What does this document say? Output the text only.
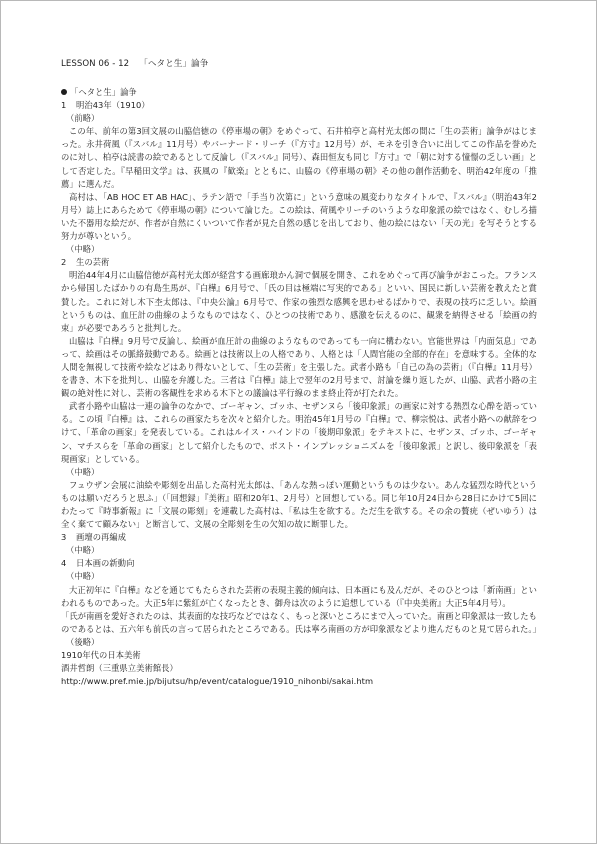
LESSON 06 - 12 「ヘタと生」論争

「ヘタと生」論争

1 明治43年（1910）

（前略）

この年、前年の第3回文展の山脇信徳の《停車場の朝》をめぐって、石井柏亭と高村光太郎の間に「生の芸術」論争がはじまった。永井荷風（『スバル』11月号）やバーナード・リーチ（『方寸』12月号）が、モネを引き合いに出してこの作品を誉めたのに対し、柏亭は読書の絵であるとして反論し（『スバル』同号）、森田恒友も同じ『方寸』で「朝に対する憧憬の乏しい画」として否定した。『早稲田文学』は、荻風の『歓楽』とともに、山脇の《停車場の朝》その他の創作活動を、明治42年度の「推薦」に選んだ。

高村は、「AB HOC ET AB HAC」、ラテン語で「手当り次第に」という意味の風変わりなタイトルで、『スバル』（明治43年2月号）誌上にあらためて《停車場の朝》について論じた。この絵は、荷風やリーチのいうような印象派の絵ではなく、むしろ描いた不器用な絵だが、作者が自然にくいついて作者が見た自然の感じを出しており、他の絵にはない「天の光」を写そうとする努力が尊いという。

（中略）

2 生の芸術

明治44年4月に山脇信徳が高村光太郎が経営する画廊琅かん洞で個展を開き、これをめぐって再び論争がおこった。フランスから帰国したばかりの有島生馬が、『白樺』6月号で、「氏の目は極端に写実的である」といい、国民に新しい芸術を教えたと賞賛した。これに対し木下杢太郎は、『中央公論』6月号で、作家の強烈な感興を思わせるばかりで、表現の技巧に乏しい。絵画というものは、血圧計の曲線のようなものではなく、ひとつの技術であり、感激を伝えるのに、観衆を納得させる「絵画の約束」が必要であろうと批判した。

山脇は『白樺』9月号で反論し、絵画が血圧計の曲線のようなものであっても一向に構わない。官能世界は「内面気息」であって、絵画はその脈絡鼓動である。絵画とは技術以上の人格であり、人格とは「人間官能の全部的存在」を意味する。全体的な人間を無視して技術や絵などはあり得ないとして、「生の芸術」を主張した。武者小路も「自己の為の芸術」（『白樺』11月号）を書き、木下を批判し、山脇を弁護した。三者は『白樺』誌上で翌年の2月号まで、討論を繰り返したが、山脇、武者小路の主観の絶対性に対し、芸術の客観性を求める木下との議論は平行線のまま終止符が打たれた。

武者小路や山脇は一連の論争のなかで、ゴーギャン、ゴッホ、セザンヌら「後印象派」の画家に対する熱烈な心酔を語っている。この頃『白樺』は、これらの画家たちを次々と紹介した。明治45年1月号の『白樺』で、柳宗悦は、武者小路への献辞をつけて、「革命の画家」を発表している。これはルイス・ハインドの「後期印象派」をテキストに、セザンヌ、ゴッホ、ゴーギャン、マチスらを「革命の画家」として紹介したもので、ポスト・インプレッショニズムを「後印象派」と訳し、後印象派を「表現画家」としている。

（中略）

フュウザン会展に油絵や彫刻を出品した高村光太郎は、「あんな熱っぽい運動というものは少ない。あんな猛烈な時代というものは願いだろうと思ふ」（「回想録」『美術』昭和20年1、2月号）と回想している。同じ年10月24日から28日にかけて5回にわたって『時事新報』に「文展の彫刻」を連載した高村は、「私は生を欲する。ただ生を欲する。その余の贅疣（ぜいゆう）は全く棄てて顧みない」と断言して、文展の全彫刻を生の欠知の故に断罪した。

3 画壇の再編成

（中略）

4 日本画の新動向

（中略）

大正初年に『白樺』などを通じてもたらされた芸術の表現主義的傾向は、日本画にも及んだが、そのひとつは「新南画」といわれるものであった。大正5年に紫紅が亡くなったとき、御舟は次のように追想している（『中央美術』大正5年4月号）。

「氏が南画を愛好されたのは、其表面的な技巧などではなく、もっと深いところにまで入っていた。南画と印象派は一致したものであるとは、五六年も前氏の言って居られたところである。氏は寧ろ南画の方が印象派などより進んだものと見て居られた。」

（後略）

1910年代の日本美術

酒井哲朗（三重県立美術館長）

http://www.pref.mie.jp/bijutsu/hp/event/catalogue/1910_nihonbi/sakai.htm
